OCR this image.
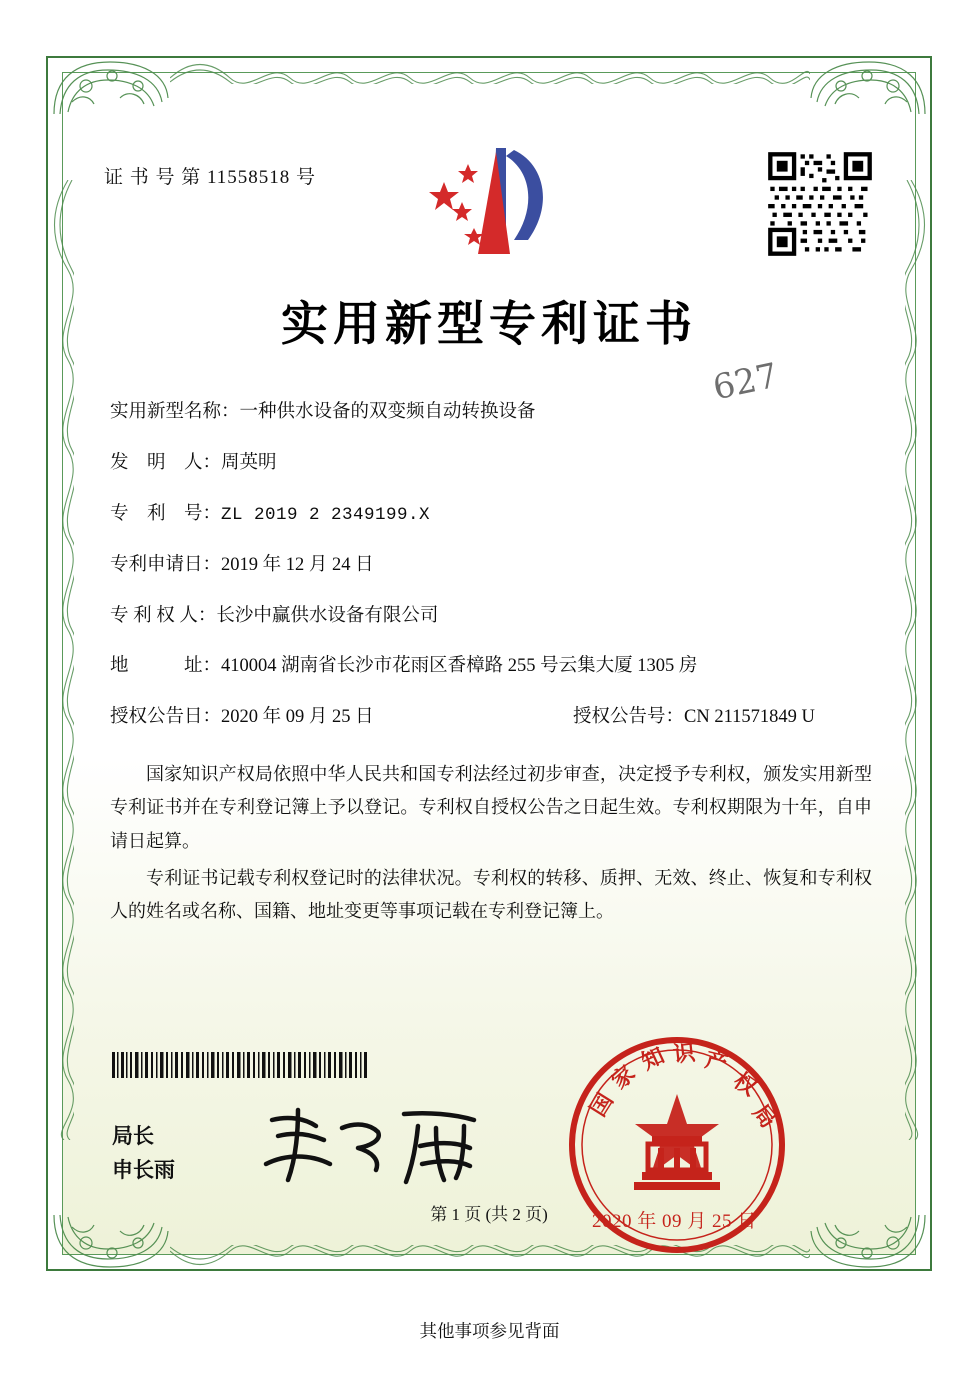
证 书 号 第 11558518 号
实用新型专利证书
627
实用新型名称： 一种供水设备的双变频自动转换设备
发　明　人： 周英明
专　利　号： ZL 2019 2 2349199.X
专利申请日： 2019 年 12 月 24 日
专 利 权 人： 长沙中赢供水设备有限公司
地　　　址： 410004 湖南省长沙市花雨区香樟路 255 号云集大厦 1305 房
授权公告日： 2020 年 09 月 25 日	授权公告号： CN 211571849 U

国家知识产权局依照中华人民共和国专利法经过初步审查，决定授予专利权，颁发实用新型专利证书并在专利登记簿上予以登记。专利权自授权公告之日起生效。专利权期限为十年，自申请日起算。

专利证书记载专利权登记时的法律状况。专利权的转移、质押、无效、终止、恢复和专利权人的姓名或名称、国籍、地址变更等事项记载在专利登记簿上。

局长
申长雨
国
家
知 识 产
权
局
2020 年 09 月 25 日
第 1 页 (共 2 页)
其他事项参见背面
